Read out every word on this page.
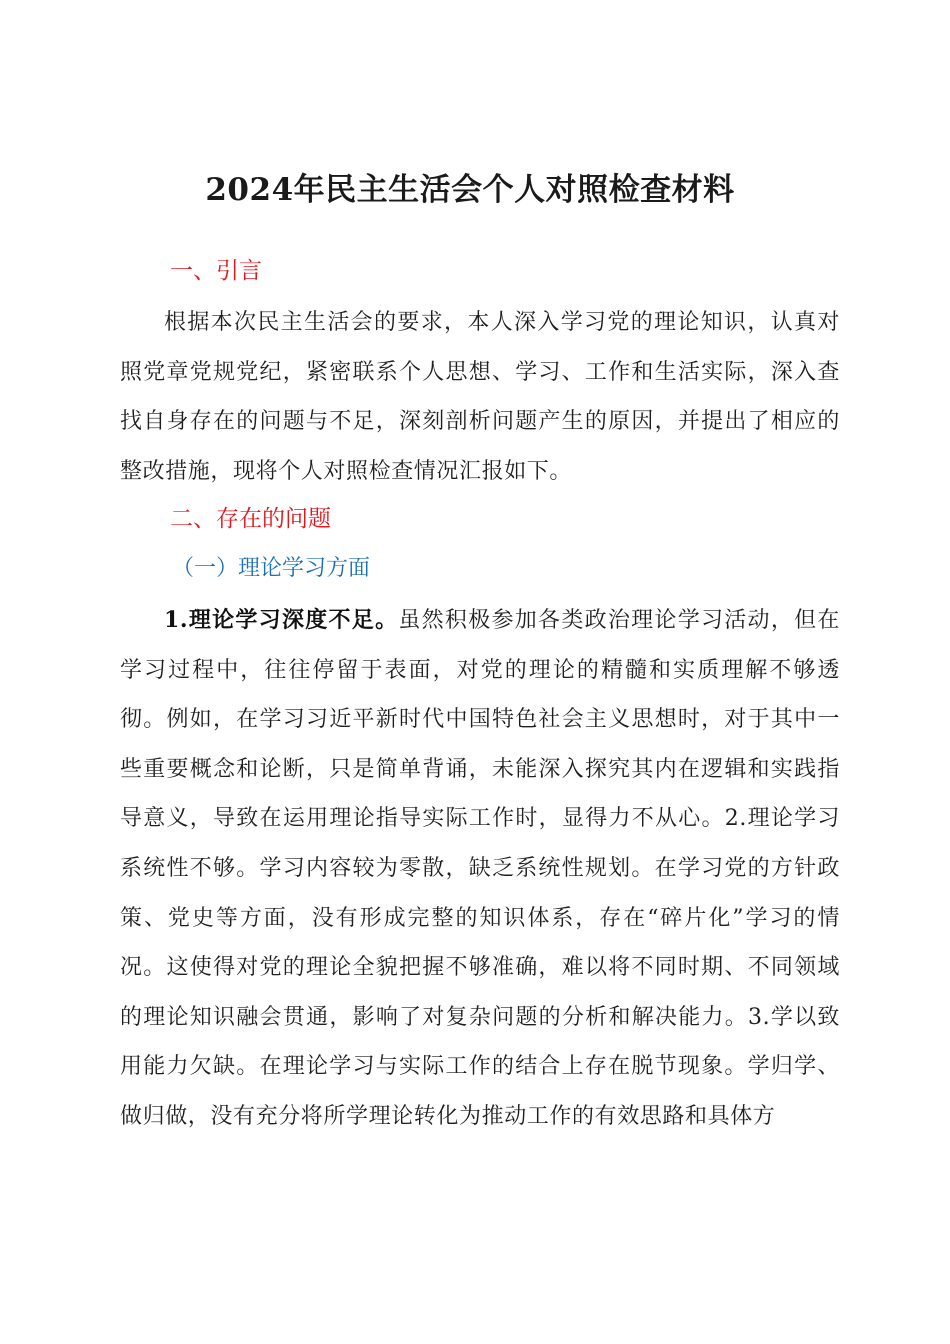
2024年民主生活会个人对照检查材料
一、引言

根据本次民主生活会的要求，本人深入学习党的理论知识，认真对照党章党规党纪，紧密联系个人思想、学习、工作和生活实际，深入查找自身存在的问题与不足，深刻剖析问题产生的原因，并提出了相应的整改措施，现将个人对照检查情况汇报如下。

二、存在的问题
（一）理论学习方面

1.理论学习深度不足。虽然积极参加各类政治理论学习活动，但在学习过程中，往往停留于表面，对党的理论的精髓和实质理解不够透彻。例如，在学习习近平新时代中国特色社会主义思想时，对于其中一些重要概念和论断，只是简单背诵，未能深入探究其内在逻辑和实践指导意义，导致在运用理论指导实际工作时，显得力不从心。2.理论学习系统性不够。学习内容较为零散，缺乏系统性规划。在学习党的方针政策、党史等方面，没有形成完整的知识体系，存在“碎片化”学习的情况。这使得对党的理论全貌把握不够准确，难以将不同时期、不同领域的理论知识融会贯通，影响了对复杂问题的分析和解决能力。3.学以致用能力欠缺。在理论学习与实际工作的结合上存在脱节现象。学归学、做归做，没有充分将所学理论转化为推动工作的有效思路和具体方
